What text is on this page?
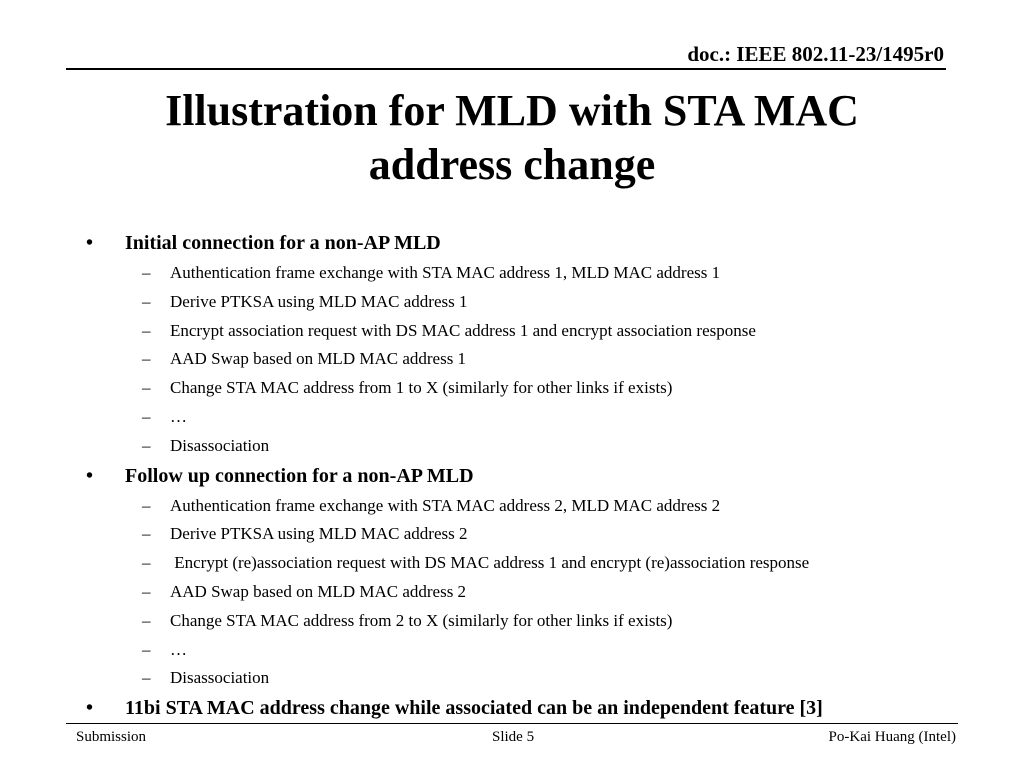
doc.: IEEE 802.11-23/1495r0
Illustration for MLD with STA MAC
address change
• Initial connection for a non-AP MLD
– Authentication frame exchange with STA MAC address 1, MLD MAC address 1
– Derive PTKSA using MLD MAC address 1
– Encrypt association request with DS MAC address 1 and encrypt association response
– AAD Swap based on MLD MAC address 1
– Change STA MAC address from 1 to X (similarly for other links if exists)
– …
– Disassociation
• Follow up connection for a non-AP MLD
– Authentication frame exchange with STA MAC address 2, MLD MAC address 2
– Derive PTKSA using MLD MAC address 2
– Encrypt (re)association request with DS MAC address 1 and encrypt (re)association response
– AAD Swap based on MLD MAC address 2
– Change STA MAC address from 2 to X (similarly for other links if exists)
– …
– Disassociation
• 11bi STA MAC address change while associated can be an independent feature [3]
Submission	Slide 5	Po-Kai Huang (Intel)
